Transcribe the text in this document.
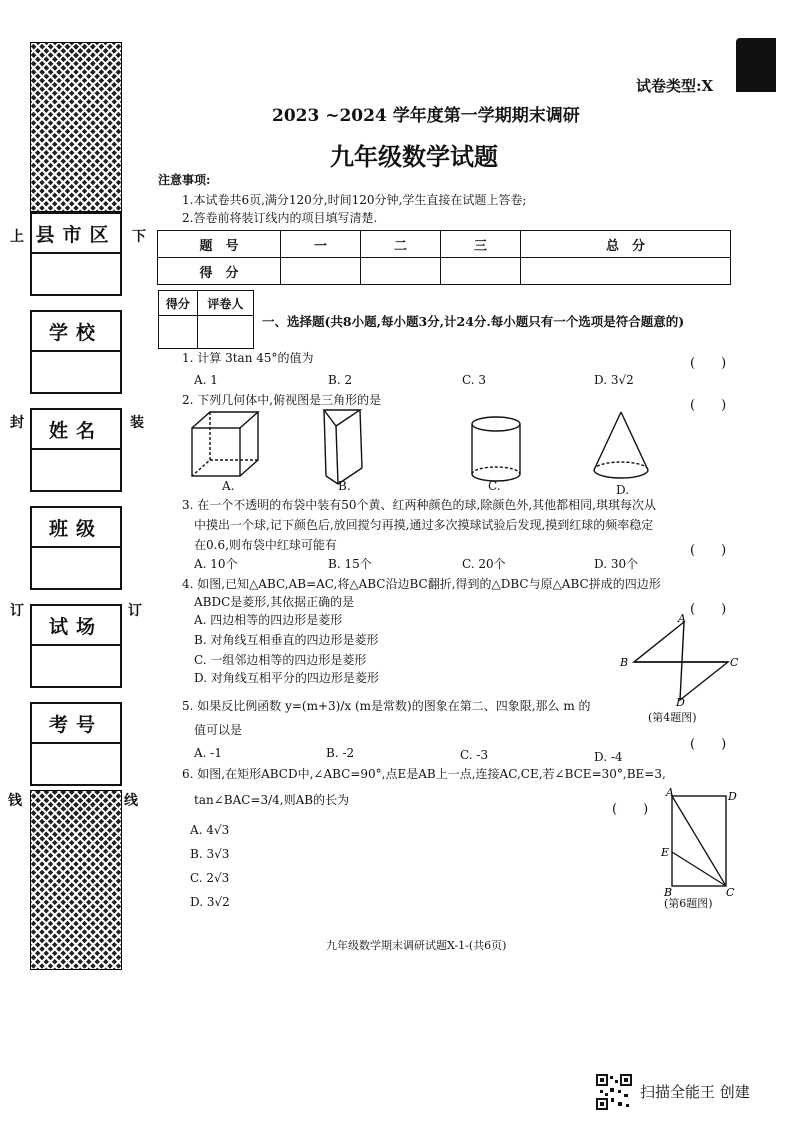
县市区
学校
姓名
班级
试场
考号
上
封
订
钱
下
装
订
线
试卷类型:X
2023 ~2024 学年度第一学期期末调研
九年级数学试题
注意事项:
1.本试卷共6页,满分120分,时间120分钟,学生直接在试题上答卷;
2.答卷前将装订线内的项目填写清楚.
题　号	一	二	三	总　分
得　分				
得分	评卷人

一、选择题(共8小题,每小题3分,计24分.每小题只有一个选项是符合题意的)
1. 计算 3tan 45°的值为	(　　)
A. 1	B. 2	C. 3	D. 3√2
2. 下列几何体中,俯视图是三角形的是	(　　)
A.	B.	C.	D.
3. 在一个不透明的布袋中装有50个黄、红两种颜色的球,除颜色外,其他都相同,琪琪每次从
中摸出一个球,记下颜色后,放回搅匀再摸,通过多次摸球试验后发现,摸到红球的频率稳定
在0.6,则布袋中红球可能有	(　　)
A. 10个	B. 15个	C. 20个	D. 30个
4. 如图,已知△ABC,AB=AC,将△ABC沿边BC翻折,得到的△DBC与原△ABC拼成的四边形
ABDC是菱形,其依据正确的是	(　　)
A. 四边相等的四边形是菱形
B. 对角线互相垂直的四边形是菱形
C. 一组邻边相等的四边形是菱形
D. 对角线互相平分的四边形是菱形
A
B	C
D
(第4题图)
5. 如果反比例函数 y=(m+3)/x (m是常数)的图象在第二、四象限,那么 m 的
值可以是
(　　)
A. -1	B. -2	C. -3	D. -4
6. 如图,在矩形ABCD中,∠ABC=90°,点E是AB上一点,连接AC,CE,若∠BCE=30°,BE=3,
tan∠BAC=3/4,则AB的长为
(　　)
A. 4√3
B. 3√3
C. 2√3
D. 3√2
A	D
E
B	C
(第6题图)
九年级数学期末调研试题X-1-(共6页)
扫描全能王 创建
